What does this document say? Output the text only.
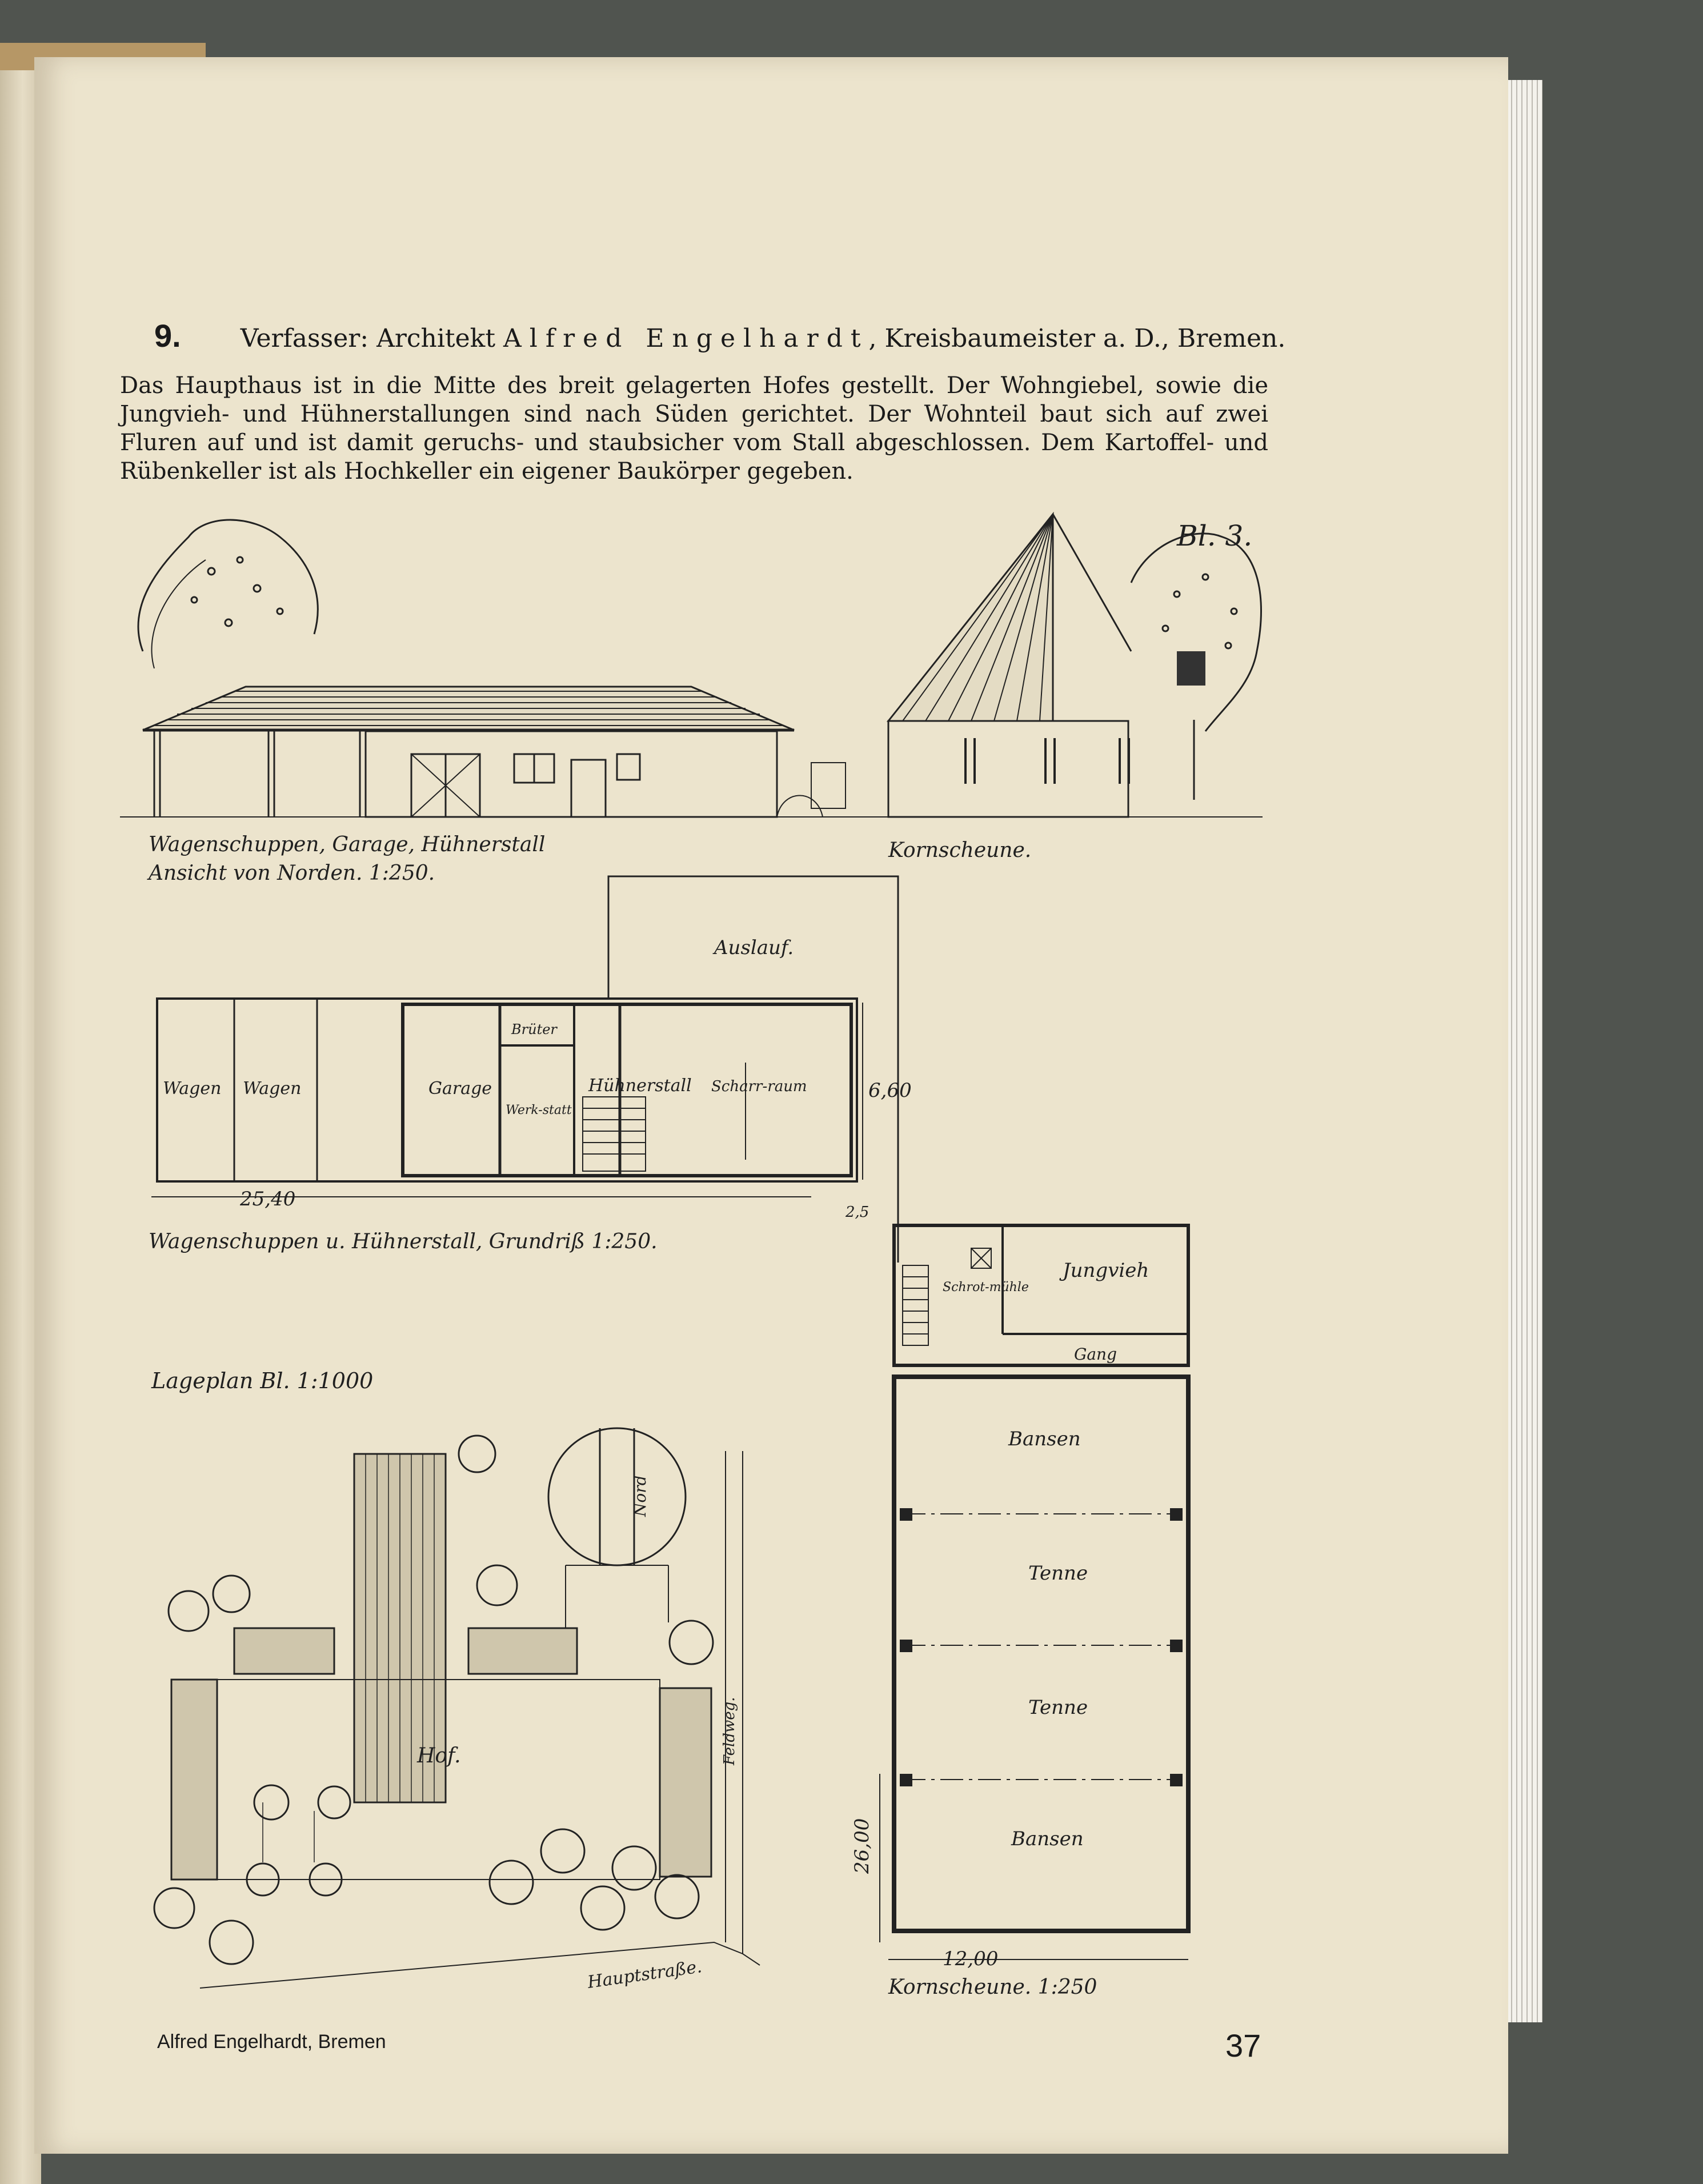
9. Verfasser: Architekt Alfred Engelhardt, Kreisbaumeister a. D., Bremen.
Das Haupthaus ist in die Mitte des breit gelagerten Hofes gestellt. Der Wohngiebel, sowie die Jungvieh- und Hühnerstallungen sind nach Süden gerichtet. Der Wohnteil baut sich auf zwei Fluren auf und ist damit geruchs- und staubsicher vom Stall abgeschlossen. Dem Kartoffel- und Rübenkeller ist als Hochkeller ein eigener Baukörper gegeben.
Bl. 3.
Wagenschuppen, Garage, Hühnerstall
Ansicht von Norden. 1:250.
Kornscheune.
Auslauf.
Wagen Wagen	Garage
Brüter
Werk-statt
Hühnerstall Scharr-raum
25,40
6,60
2,5
Wagenschuppen u. Hühnerstall, Grundriß 1:250.
Lageplan Bl. 1:1000
Hof.	Feldweg.
Hauptstraße.
Nord
Jungvieh
Schrot-mühle
Gang
Bansen
Tenne
Tenne
Bansen
26,00
12,00
Kornscheune. 1:250
Alfred Engelhardt, Bremen	37
